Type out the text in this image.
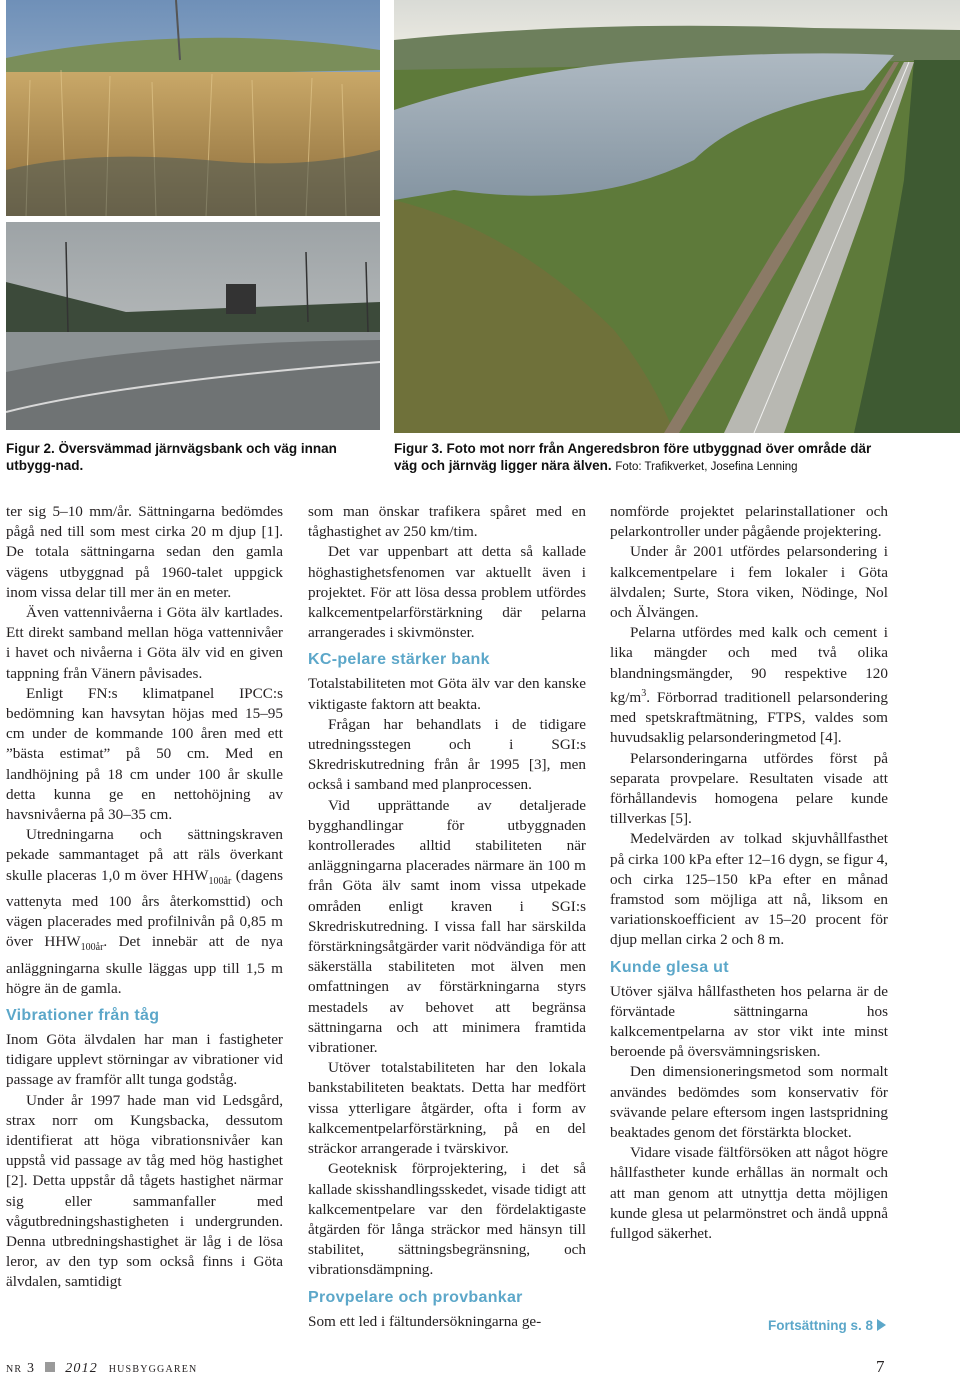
Figur 2. Översvämmad järnvägsbank och väg innan utbygg-nad.
Figur 3. Foto mot norr från Angeredsbron före utbyggnad över område där väg och järnväg ligger nära älven. Foto: Trafikverket, Josefina Lenning

ter sig 5–10 mm/år. Sättningarna bedömdes pågå ned till som mest cirka 20 m djup [1]. De totala sättningarna sedan den gamla vägens utbyggnad på 1960-talet uppgick inom vissa delar till mer än en meter.

Även vattennivåerna i Göta älv kartlades. Ett direkt samband mellan höga vattennivåer i havet och nivåerna i Göta älv vid en given tappning från Vänern påvisades.

Enligt FN:s klimatpanel IPCC:s bedömning kan havsytan höjas med 15–95 cm under de kommande 100 åren med ett ”bästa estimat” på 50 cm. Med en landhöjning på 18 cm under 100 år skulle detta kunna ge en nettohöjning av havsnivåerna på 30–35 cm.

Utredningarna och sättningskraven pekade sammantaget på att räls överkant skulle placeras 1,0 m över $HHW_{100år}$ (dagens vattenyta med 100 års återkomsttid) och vägen placerades med profilnivån på 0,85 m över $HHW_{100år}$. Det innebär att de nya anläggningarna skulle läggas upp till 1,5 m högre än de gamla.

Vibrationer från tåg

Inom Göta älvdalen har man i fastigheter tidigare upplevt störningar av vibrationer vid passage av framför allt tunga godståg.

Under år 1997 hade man vid Ledsgård, strax norr om Kungsbacka, dessutom identifierat att höga vibrationsnivåer kan uppstå vid passage av tåg med hög hastighet [2]. Detta uppstår då tågets hastighet närmar sig eller sammanfaller med vågutbredningshastigheten i undergrunden. Denna utbredningshastighet är låg i de lösa leror, av den typ som också finns i Göta älvdalen, samtidigt

som man önskar trafikera spåret med en tåghastighet av 250 km/tim.

Det var uppenbart att detta så kallade höghastighetsfenomen var aktuellt även i projektet. För att lösa dessa problem utfördes kalkcementpelarförstärkning där pelarna arrangerades i skivmönster.

KC-pelare stärker bank

Totalstabiliteten mot Göta älv var den kanske viktigaste faktorn att beakta.

Frågan har behandlats i de tidigare utredningsstegen och i SGI:s Skredriskutredning från år 1995 [3], men också i samband med planprocessen.

Vid upprättande av detaljerade bygghandlingar för utbyggnaden kontrollerades alltid stabiliteten när anläggningarna placerades närmare än 100 m från Göta älv samt inom vissa utpekade områden enligt kraven i SGI:s Skredriskutredning. I vissa fall har särskilda förstärkningsåtgärder varit nödvändiga för att säkerställa stabiliteten mot älven men omfattningen av förstärkningarna styrs mestadels av behovet att begränsa sättningarna och att minimera framtida vibrationer.

Utöver totalstabiliteten har den lokala bankstabiliteten beaktats. Detta har medfört vissa ytterligare åtgärder, ofta i form av kalkcementpelarförstärkning, på en del sträckor arrangerade i tvärskivor.

Geoteknisk förprojektering, i det så kallade skisshandlingsskedet, visade tidigt att kalkcementpelare var den fördelaktigaste åtgärden för långa sträckor med hänsyn till stabilitet, sättningsbegränsning, och vibrationsdämpning.

Provpelare och provbankar

Som ett led i fältundersökningarna ge-

nomförde projektet pelarinstallationer och pelarkontroller under pågående projektering.

Under år 2001 utfördes pelarsondering i kalkcementpelare i fem lokaler i Göta älvdalen; Surte, Stora viken, Nödinge, Nol och Älvängen.

Pelarna utfördes med kalk och cement i lika mängder och med två olika blandningsmängder, 90 respektive 120 $kg/m^3$. Förborrad traditionell pelarsondering med spetskraftmätning, FTPS, valdes som huvudsaklig pelarsonderingmetod [4].

Pelarsonderingarna utfördes först på separata provpelare. Resultaten visade att förhållandevis homogena pelare kunde tillverkas [5].

Medelvärden av tolkad skjuvhållfasthet på cirka 100 kPa efter 12–16 dygn, se figur 4, och cirka 125–150 kPa efter en månad framstod som möjliga att nå, liksom en variationskoefficient av 15–20 procent för djup mellan cirka 2 och 8 m.

Kunde glesa ut

Utöver själva hållfastheten hos pelarna är de förväntade sättningarna hos kalkcementpelarna av stor vikt inte minst beroende på översvämningsrisken.

Den dimensioneringsmetod som normalt användes bedömdes som konservativ för svävande pelare eftersom ingen lastspridning beaktades genom det förstärkta blocket.

Vidare visade fältförsöken att något högre hållfastheter kunde erhållas än normalt och att man genom att utnyttja detta möjligen kunde glesa ut pelarmönstret och ändå uppnå fullgod säkerhet.

Fortsättning s. 8
nr 3 2012 husbyggaren	7
